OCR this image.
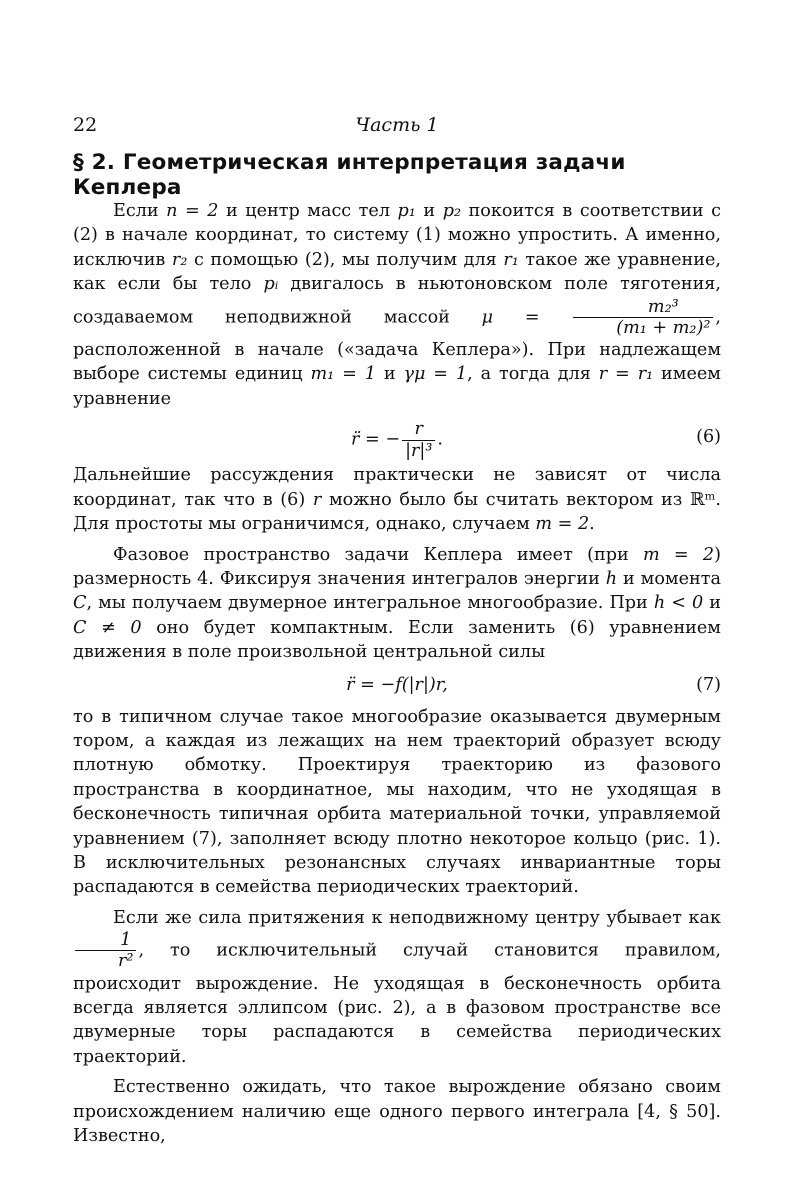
22	Часть 1
§ 2. Геометрическая интерпретация задачи Кеплера

Если n = 2 и центр масс тел p₁ и p₂ покоится в соответствии с (2) в начале координат, то систему (1) можно упростить. А именно, исключив r₂ с помощью (2), мы получим для r₁ такое же уравнение, как если бы тело pᵢ двигалось в ньютоновском поле тяготения, создаваемом неподвижной массой $\mu = \frac{\text{m₂³}}{\text{(m₁ + m₂)²}}$ , расположенной в начале («задача Кеплера»). При надлежащем выборе системы единиц m₁ = 1 и γμ = 1, а тогда для r = r₁ имеем уравнение

r̈ = − $\frac{r}{\text{|r|³}}$ .	(6)

Дальнейшие рассуждения практически не зависят от числа координат, так что в (6) r можно было бы считать вектором из ℝᵐ. Для простоты мы ограничимся, однако, случаем m = 2.

Фазовое пространство задачи Кеплера имеет (при m = 2) размерность 4. Фиксируя значения интегралов энергии h и момента C, мы получаем двумерное интегральное многообразие. При h < 0 и C ≠ 0 оно будет компактным. Если заменить (6) уравнением движения в поле произвольной центральной силы

r̈ = −f(|r|)r,	(7)

то в типичном случае такое многообразие оказывается двумерным тором, а каждая из лежащих на нем траекторий образует всюду плотную обмотку. Проектируя траекторию из фазового пространства в координатное, мы находим, что не уходящая в бесконечность типичная орбита материальной точки, управляемой уравнением (7), заполняет всюду плотно некоторое кольцо (рис. 1). В исключительных резонансных случаях инвариантные торы распадаются в семейства периодических траекторий.

Если же сила притяжения к неподвижному центру убывает как
$\frac{1}{\text{r²}}$ , то исключительный случай становится правилом, происходит вырождение. Не уходящая в бесконечность орбита всегда является эллипсом (рис. 2), а в фазовом пространстве все двумерные торы распадаются в семейства периодических траекторий.

Естественно ожидать, что такое вырождение обязано своим происхождением наличию еще одного первого интеграла [4, § 50]. Известно,
